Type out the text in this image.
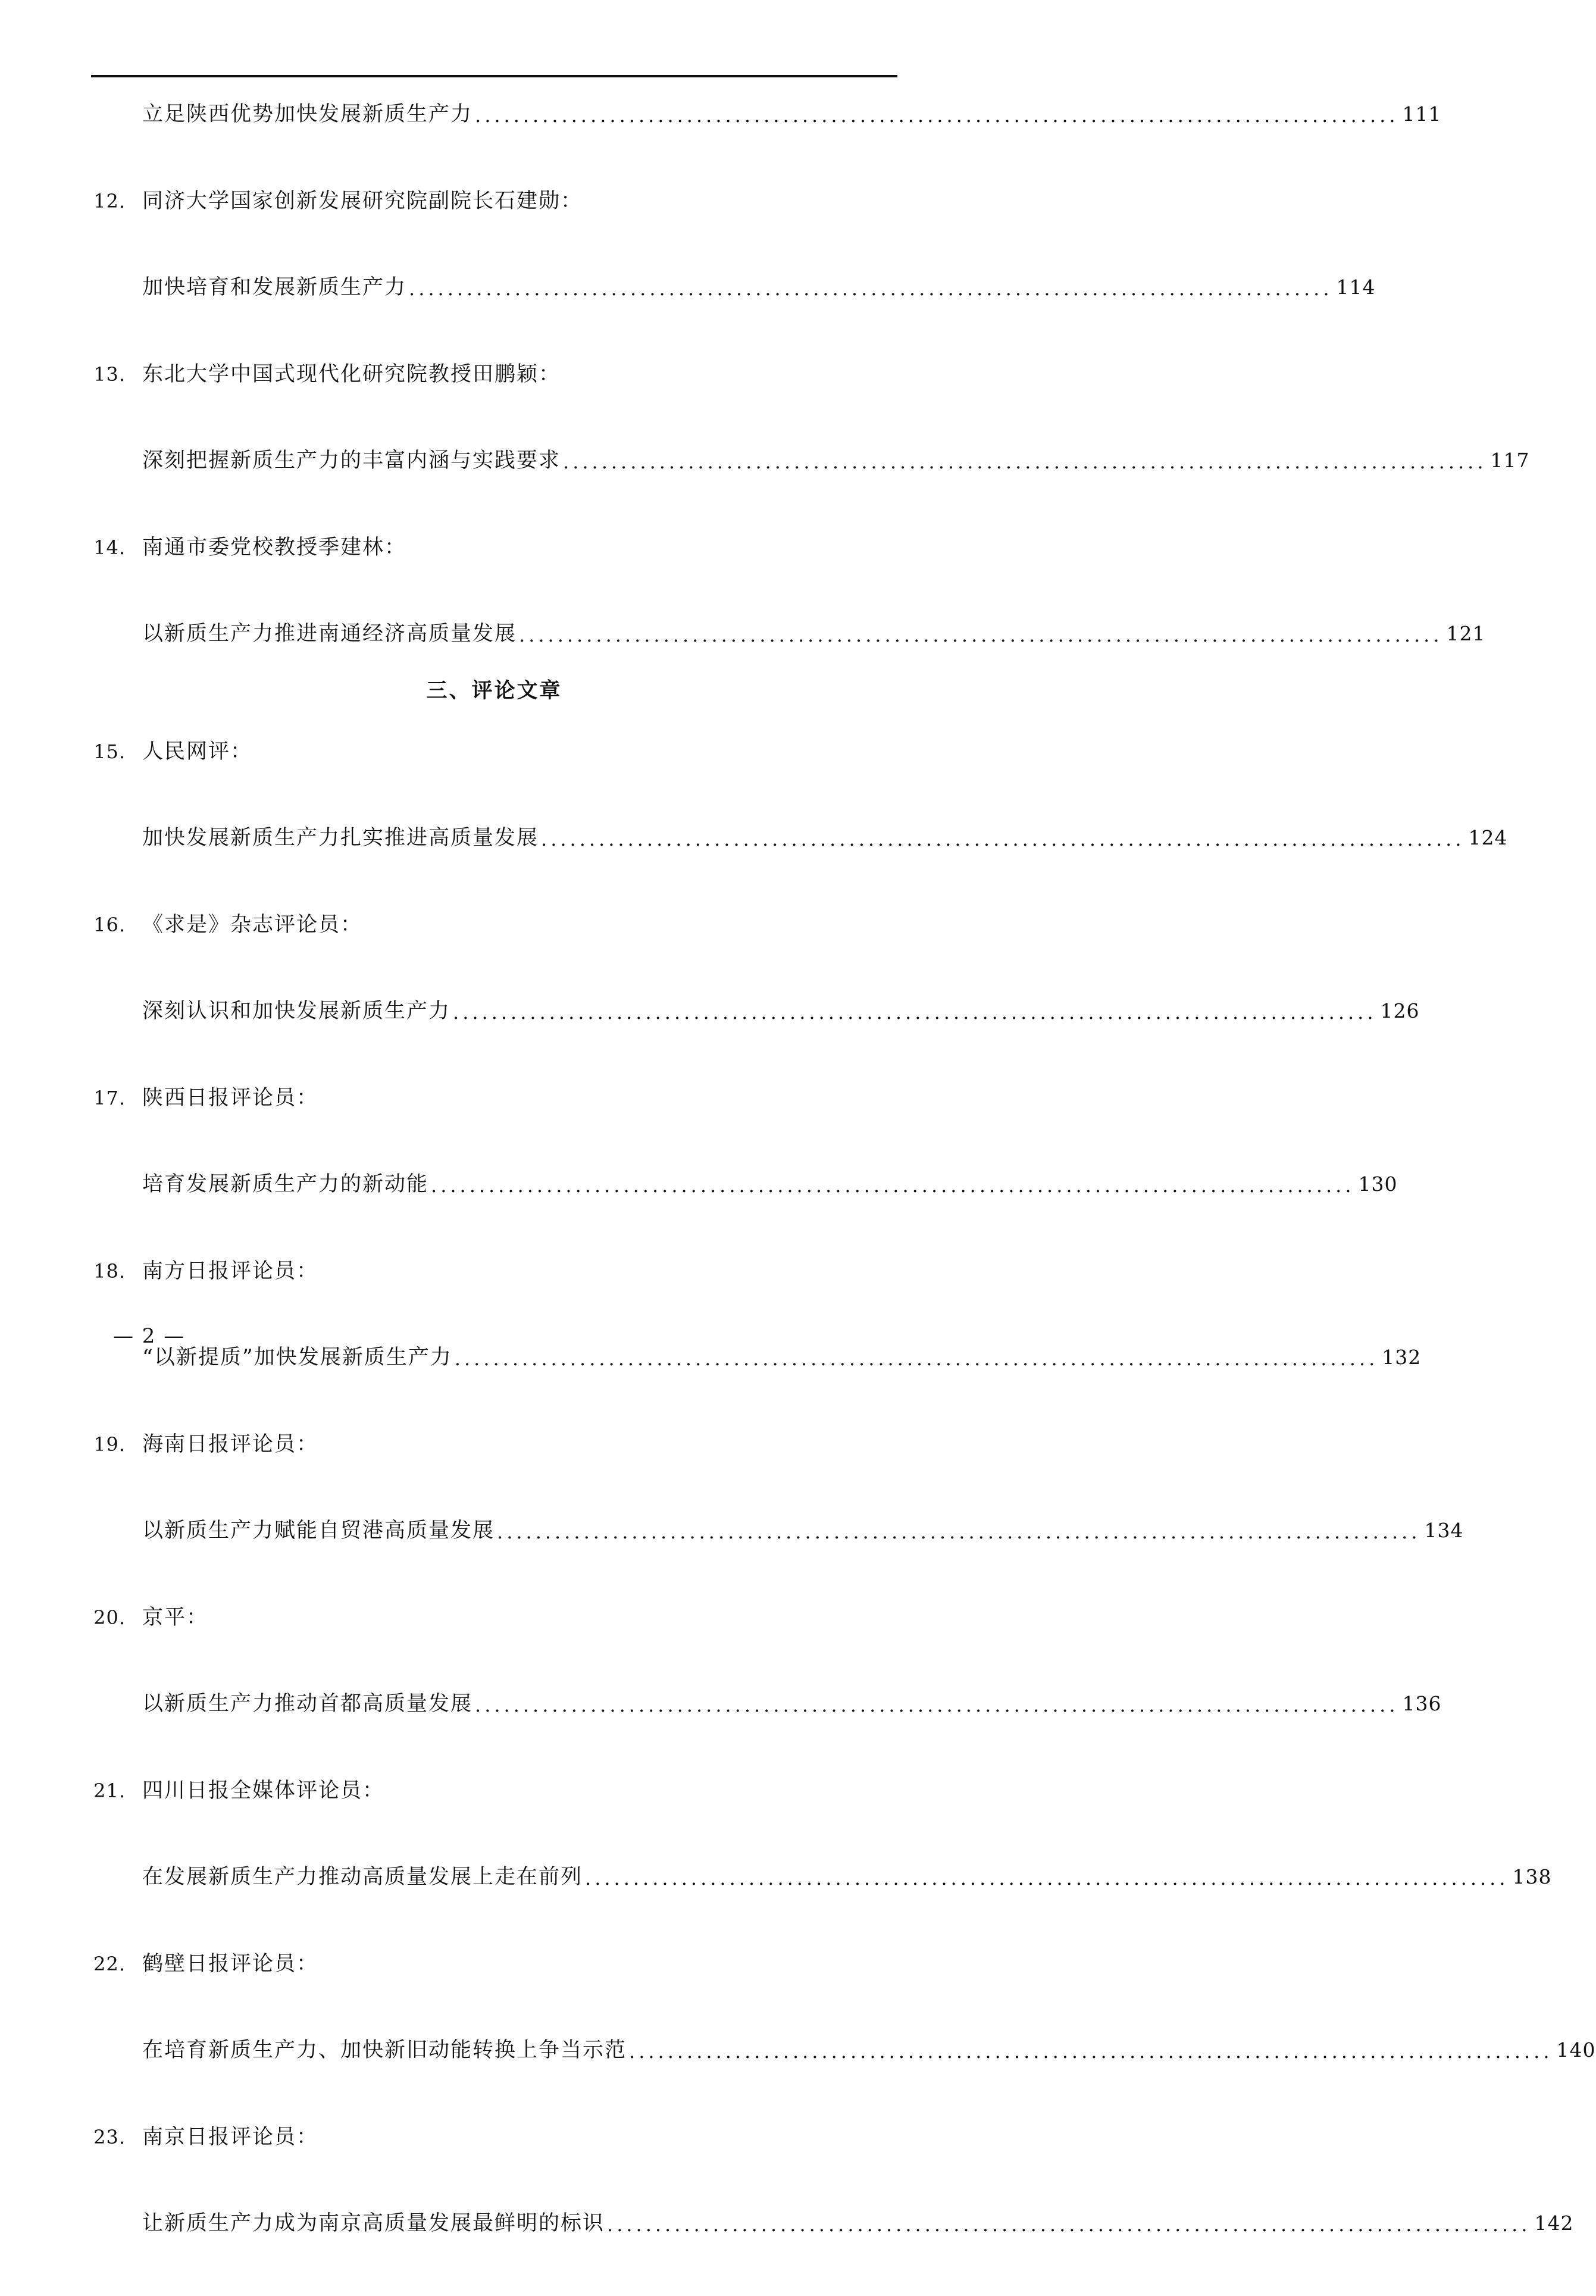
立足陕西优势加快发展新质生产力 ................................................................................................ 111
12. 同济大学国家创新发展研究院副院长石建勋：
加快培育和发展新质生产力 ................................................................................................ 114
13. 东北大学中国式现代化研究院教授田鹏颖：
深刻把握新质生产力的丰富内涵与实践要求 ................................................................................................ 117
14. 南通市委党校教授季建林：
以新质生产力推进南通经济高质量发展 ................................................................................................ 121
三、评论文章
15. 人民网评：
加快发展新质生产力扎实推进高质量发展 ................................................................................................ 124
16. 《求是》杂志评论员：
深刻认识和加快发展新质生产力 ................................................................................................ 126
17. 陕西日报评论员：
培育发展新质生产力的新动能 ................................................................................................ 130
18. 南方日报评论员：
“以新提质”加快发展新质生产力 ................................................................................................ 132
19. 海南日报评论员：
以新质生产力赋能自贸港高质量发展 ................................................................................................ 134
20. 京平：
以新质生产力推动首都高质量发展 ................................................................................................ 136
21. 四川日报全媒体评论员：
在发展新质生产力推动高质量发展上走在前列 ................................................................................................ 138
22. 鹤壁日报评论员：
在培育新质生产力、加快新旧动能转换上争当示范 ................................................................................................ 140
23. 南京日报评论员：
让新质生产力成为南京高质量发展最鲜明的标识 ................................................................................................ 142
— 2 —
